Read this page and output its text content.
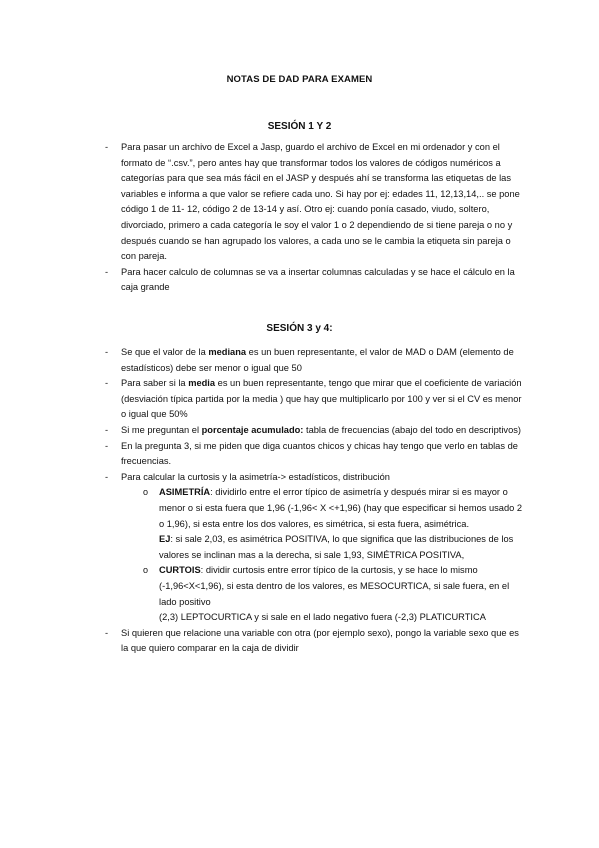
NOTAS DE DAD PARA EXAMEN
SESIÓN 1 Y 2
- Para pasar un archivo de Excel a Jasp, guardo el archivo de Excel en mi ordenador y con el formato de “.csv.”, pero antes hay que transformar todos los valores de códigos numéricos a categorías para que sea más fácil en el JASP y después ahí se transforma las etiquetas de las variables e informa a que valor se refiere cada uno. Si hay por ej: edades 11, 12,13,14,.. se pone código 1 de 11- 12, código 2 de 13-14 y así. Otro ej: cuando ponía casado, viudo, soltero, divorciado, primero a cada categoría le soy el valor 1 o 2 dependiendo de si tiene pareja o no y después cuando se han agrupado los valores, a cada uno se le cambia la etiqueta sin pareja o con pareja.
- Para hacer calculo de columnas se va a insertar columnas calculadas y se hace el cálculo en la caja grande
SESIÓN 3 y 4:
- Se que el valor de la mediana es un buen representante, el valor de MAD o DAM (elemento de estadísticos) debe ser menor o igual que 50
- Para saber si la media es un buen representante, tengo que mirar que el coeficiente de variación (desviación típica partida por la media ) que hay que multiplicarlo por 100 y ver si el CV es menor o igual que 50%
- Si me preguntan el porcentaje acumulado: tabla de frecuencias (abajo del todo en descriptivos)
- En la pregunta 3, si me piden que diga cuantos chicos y chicas hay tengo que verlo en tablas de frecuencias.
- Para calcular la curtosis y la asimetría-> estadísticos, distribución
o ASIMETRÍA: dividirlo entre el error típico de asimetría y después mirar si es mayor o menor o si esta fuera que 1,96 (-1,96< X <+1,96) (hay que especificar si hemos usado 2 o 1,96), si esta entre los dos valores, es simétrica, si esta fuera, asimétrica.
EJ: si sale 2,03, es asimétrica POSITIVA, lo que significa que las distribuciones de los valores se inclinan mas a la derecha, si sale 1,93, SIMÉTRICA POSITIVA,
o CURTOIS: dividir curtosis entre error típico de la curtosis, y se hace lo mismo (-1,96<X<1,96), si esta dentro de los valores, es MESOCURTICA, si sale fuera, en el lado positivo
(2,3) LEPTOCURTICA y si sale en el lado negativo fuera (-2,3) PLATICURTICA
- Si quieren que relacione una variable con otra (por ejemplo sexo), pongo la variable sexo que es la que quiero comparar en la caja de dividir
